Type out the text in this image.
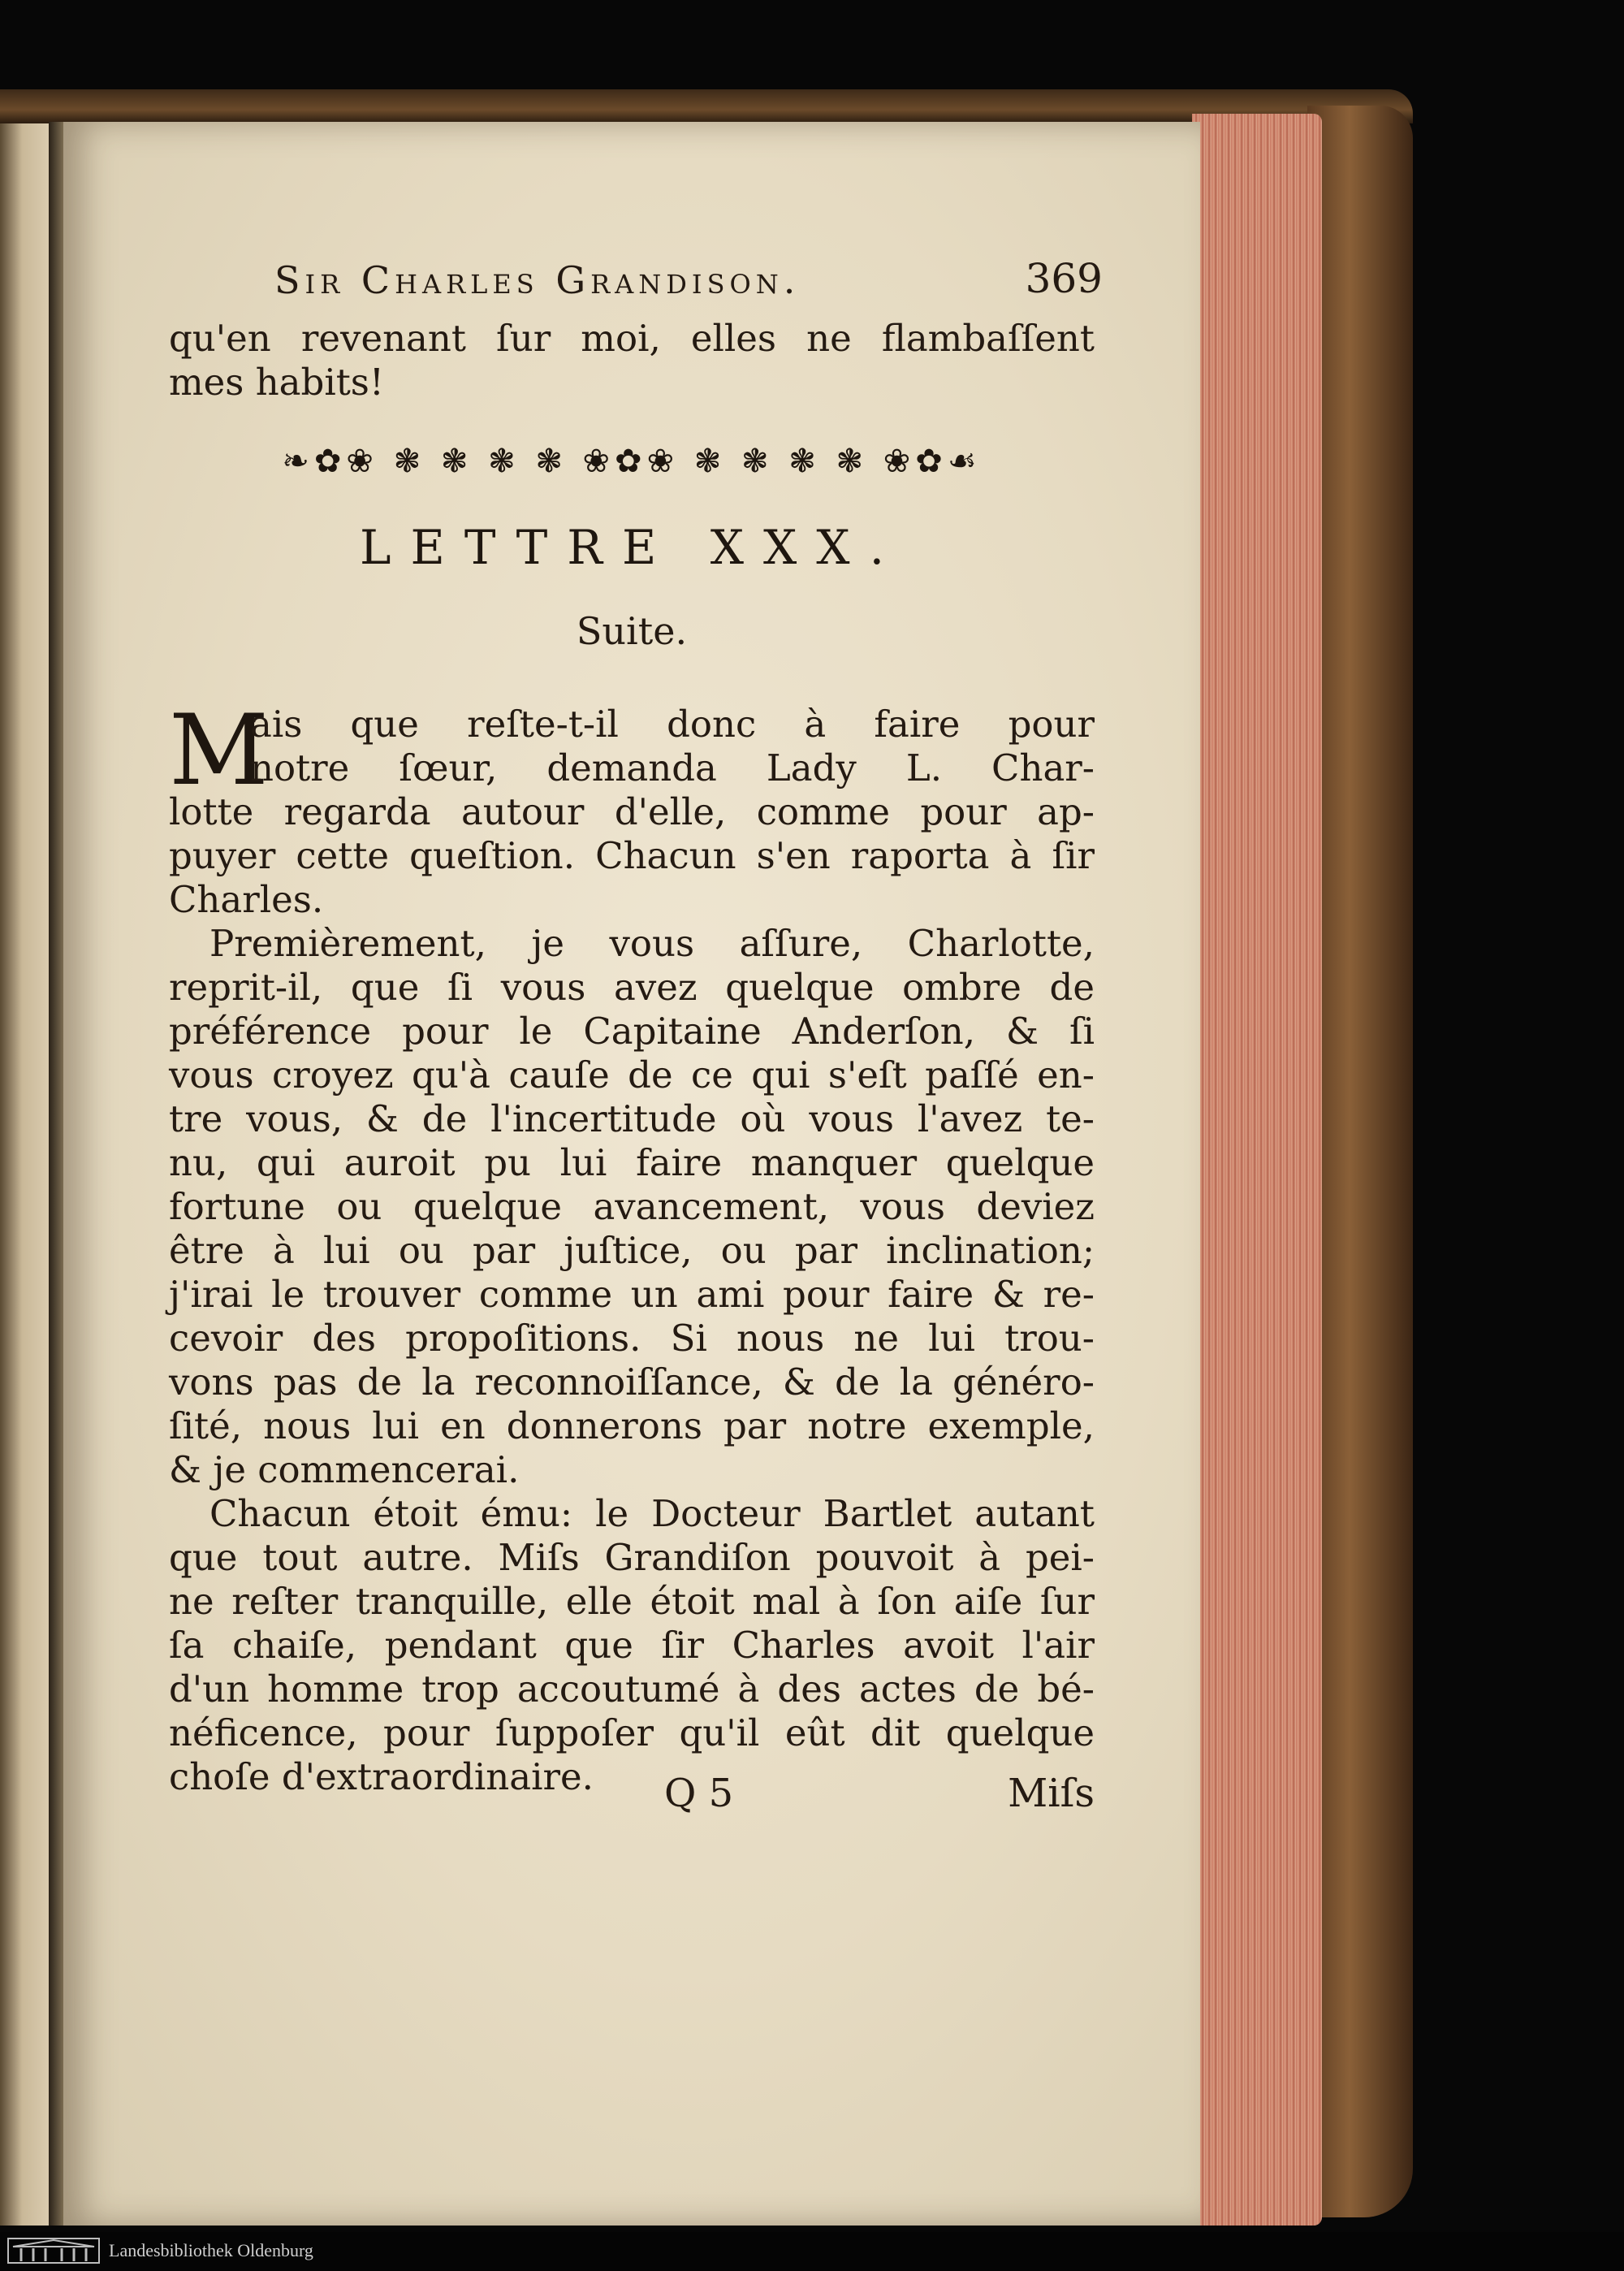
Sir Charles Grandison.	369
qu'en revenant ſur moi, elles ne flambaſſent
mes habits!
❧✿❀ ❃ ❃ ❃ ❃ ❀✿❀ ❃ ❃ ❃ ❃ ❀✿☙
LETTRE XXX.
Suite.
M
ais que reſte-t-il donc à faire pour
notre ſœur, demanda Lady L. Char-
lotte regarda autour d'elle, comme pour ap-
puyer cette queſtion. Chacun s'en raporta à ſir
Charles.
Premièrement, je vous aſſure, Charlotte,
reprit-il, que ſi vous avez quelque ombre de
préférence pour le Capitaine Anderſon, & ſi
vous croyez qu'à cauſe de ce qui s'eſt paſſé en-
tre vous, & de l'incertitude où vous l'avez te-
nu, qui auroit pu lui faire manquer quelque
fortune ou quelque avancement, vous deviez
être à lui ou par juſtice, ou par inclination;
j'irai le trouver comme un ami pour faire & re-
cevoir des propoſitions. Si nous ne lui trou-
vons pas de la reconnoiſſance, & de la généro-
ſité, nous lui en donnerons par notre exemple,
& je commencerai.
Chacun étoit ému: le Docteur Bartlet autant
que tout autre. Miſs Grandiſon pouvoit à pei-
ne reſter tranquille, elle étoit mal à ſon aiſe ſur
ſa chaiſe, pendant que ſir Charles avoit l'air
d'un homme trop accoutumé à des actes de bé-
néficence, pour ſuppoſer qu'il eût dit quelque
choſe d'extraordinaire.	Q 5	Miſs
Landesbibliothek Oldenburg
